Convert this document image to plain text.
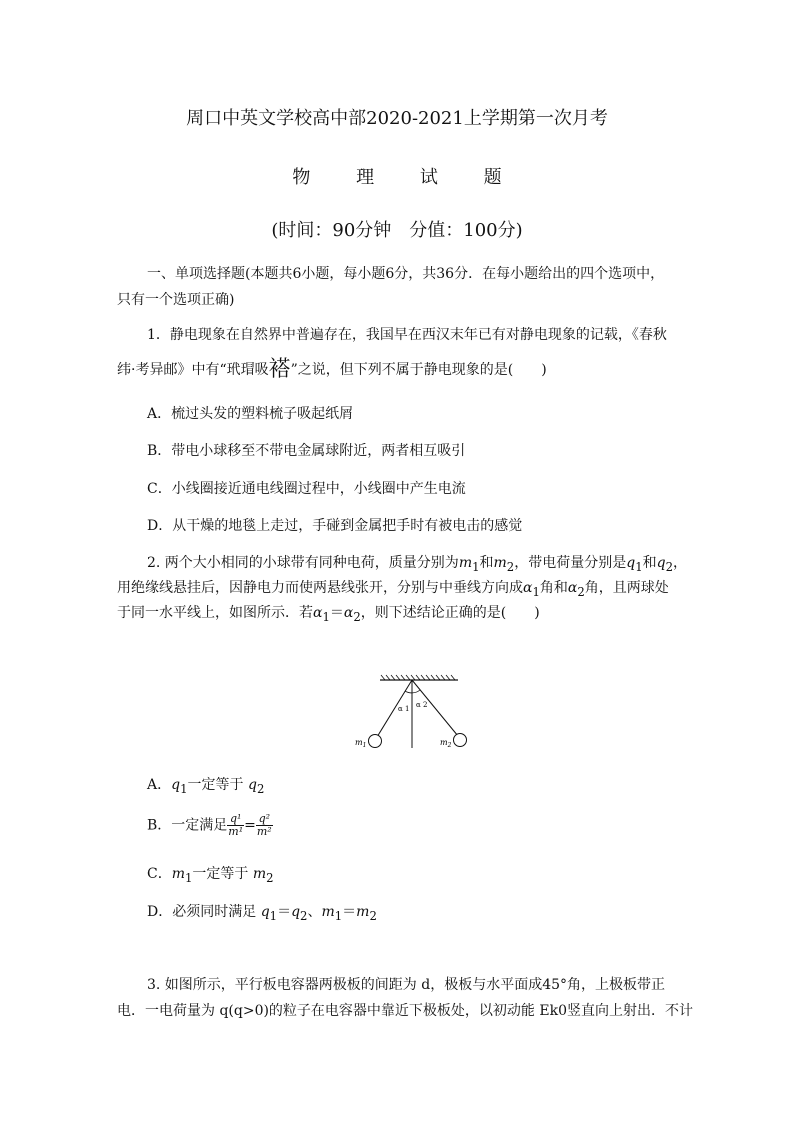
周口中英文学校高中部2020-2021上学期第一次月考
物 理 试 题
(时间：90分钟　分值：100分)
一、单项选择题(本题共6小题，每小题6分，共36分．在每小题给出的四个选项中，
只有一个选项正确)
1．静电现象在自然界中普遍存在，我国早在西汉末年已有对静电现象的记载，《春秋
纬·考异邮》中有“玳瑁吸褡”之说，但下列不属于静电现象的是(　　)
A．梳过头发的塑料梳子吸起纸屑
B．带电小球移至不带电金属球附近，两者相互吸引
C．小线圈接近通电线圈过程中，小线圈中产生电流
D．从干燥的地毯上走过，手碰到金属把手时有被电击的感觉
2. 两个大小相同的小球带有同种电荷，质量分别为$m_1$和$m_2$，带电荷量分别是$q_1$和$q_2$，
用绝缘线悬挂后，因静电力而使两悬线张开，分别与中垂线方向成$\alpha_1$角和$\alpha_2$角，且两球处
于同一水平线上，如图所示．若$\alpha_1=\alpha_2$，则下述结论正确的是(　　)
α 1 α 2
$m_1$	$m_2$
A．$q_1$一定等于 $q_2$
B．一定满足 $\frac{\text{q¹}}{\text{m¹}} = \frac{\text{q²}}{\text{m²}}$
C．$m_1$一定等于 $m_2$
D．必须同时满足 $q_1=q_2$、$m_1=m_2$
3. 如图所示，平行板电容器两极板的间距为 d，极板与水平面成45°角，上极板带正
电．一电荷量为 q(q>0)的粒子在电容器中靠近下极板处，以初动能 Ek0竖直向上射出．不计
